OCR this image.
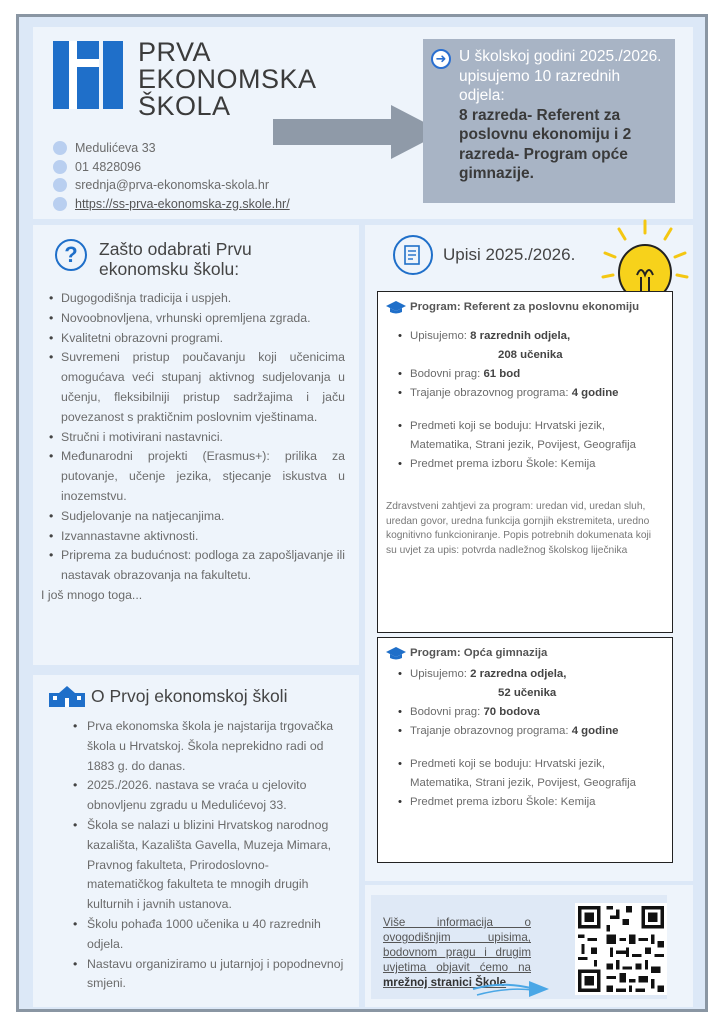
PRVA
EKONOMSKA
ŠKOLA
Medulićeva 33
01 4828096
srednja@prva-ekonomska-skola.hr
https://ss-prva-ekonomska-zg.skole.hr/
➜ U školskoj godini 2025./2026. upisujemo 10 razrednih odjela:
8 razreda- Referent za poslovnu ekonomiju i 2 razreda- Program opće gimnazije.
?	Zašto odabrati Prvu ekonomsku školu:
• Dugogodišnja tradicija i uspjeh.
• Novoobnovljena, vrhunski opremljena zgrada.
• Kvalitetni obrazovni programi.
• Suvremeni pristup poučavanju koji učenicima omogućava veći stupanj aktivnog sudjelovanja u učenju, fleksibilniji pristup sadržajima i jaču povezanost s praktičnim poslovnim vještinama.
• Stručni i motivirani nastavnici.
• Međunarodni projekti (Erasmus+): prilika za putovanje, učenje jezika, stjecanje iskustva u inozemstvu.
• Sudjelovanje na natjecanjima.
• Izvannastavne aktivnosti.
• Priprema za budućnost: podloga za zapošljavanje ili nastavak obrazovanja na fakultetu.
I još mnogo toga...
O Prvoj ekonomskoj školi
• Prva ekonomska škola je najstarija trgovačka škola u Hrvatskoj. Škola neprekidno radi od 1883 g. do danas.
• 2025./2026. nastava se vraća u cjelovito obnovljenu zgradu u Medulićevoj 33.
• Škola se nalazi u blizini Hrvatskog narodnog kazališta, Kazališta Gavella, Muzeja Mimara, Pravnog fakulteta, Prirodoslovno-matematičkog fakulteta te mnogih drugih kulturnih i javnih ustanova.
• Školu pohađa 1000 učenika u 40 razrednih odjela.
• Nastavu organiziramo u jutarnjoj i popodnevnoj smjeni.
Upisi 2025./2026.
Program: Referent za poslovnu ekonomiju
• Upisujemo: 8 razrednih odjela,
208 učenika
• Bodovni prag: 61 bod
• Trajanje obrazovnog programa: 4 godine
• Predmeti koji se boduju: Hrvatski jezik, Matematika, Strani jezik, Povijest, Geografija
• Predmet prema izboru Škole: Kemija
Zdravstveni zahtjevi za program: uredan vid, uredan sluh, uredan govor, uredna funkcija gornjih ekstremiteta, uredno kognitivno funkcioniranje. Popis potrebnih dokumenata koji su uvjet za upis: potvrda nadležnog školskog liječnika
Program: Opća gimnazija
• Upisujemo: 2 razredna odjela,
52 učenika
• Bodovni prag: 70 bodova
• Trajanje obrazovnog programa: 4 godine
• Predmeti koji se boduju: Hrvatski jezik, Matematika, Strani jezik, Povijest, Geografija
• Predmet prema izboru Škole: Kemija
Više informacija o ovogodišnjim upisima, bodovnom pragu i drugim uvjetima objavit ćemo na mrežnoj stranici Škole
